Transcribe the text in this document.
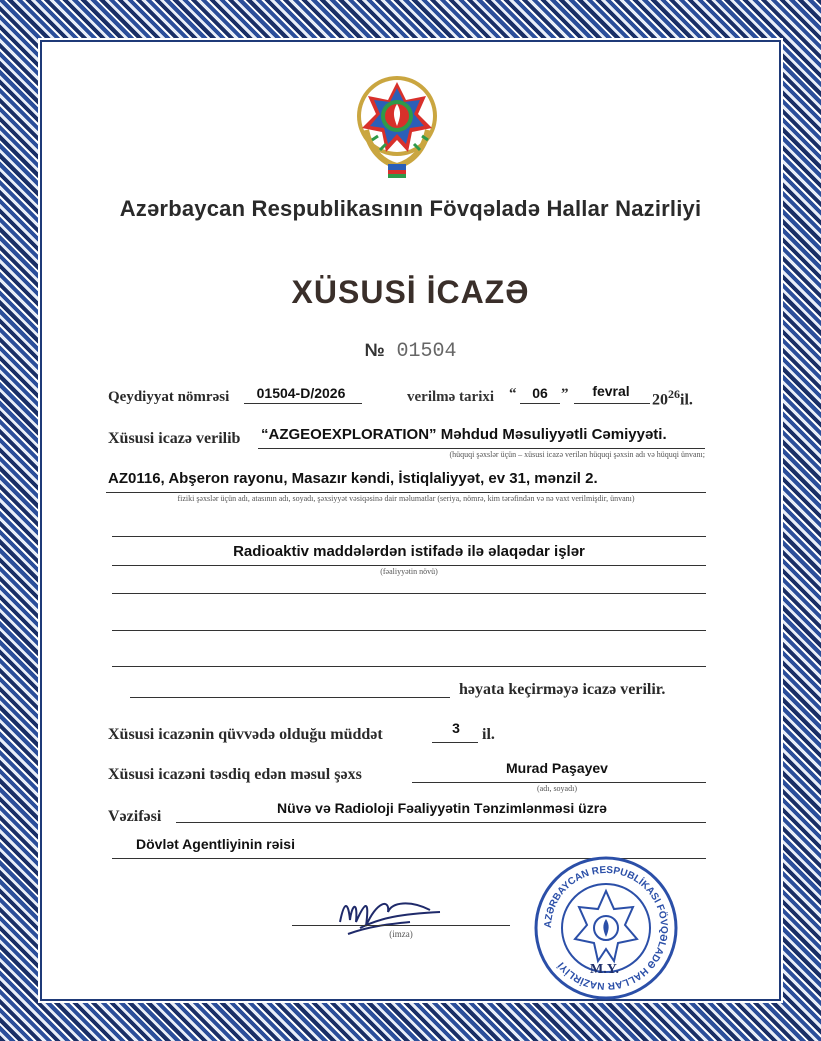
Azərbaycan Respublikasının Fövqəladə Hallar Nazirliyi
XÜSUSİ İCAZƏ
№ 01504
Qeydiyyat nömrəsi	01504-D/2026	verilmə tarixi “	06 ”	fevral
$20^{26}il$.
Xüsusi icazə verilib “AZGEOEXPLORATION” Məhdud Məsuliyyətli Cəmiyyəti.
(hüquqi şəxslər üçün – xüsusi icazə verilən hüquqi şəxsin adı və hüquqi ünvanı;
AZ0116, Abşeron rayonu, Masazır kəndi, İstiqlaliyyət, ev 31, mənzil 2.
fiziki şəxslər üçün adı, atasının adı, soyadı, şəxsiyyət vəsiqəsinə dair məlumatlar (seriya, nömrə, kim tərəfindən və nə vaxt verilmişdir, ünvanı)
Radioaktiv maddələrdən istifadə ilə əlaqədar işlər
(fəaliyyətin növü)
həyata keçirməyə icazə verilir.
Xüsusi icazənin qüvvədə olduğu müddət	3	il.
Xüsusi icazəni təsdiq edən məsul şəxs	Murad Paşayev
(adı, soyadı)
Vəzifəsi	Nüvə və Radioloji Fəaliyyətin Tənzimlənməsi üzrə
Dövlət Agentliyinin rəisi
(imza)
AZƏRBAYCAN RESPUBLİKASI FÖVQƏLADƏ HALLAR NAZİRLİYİ	M.Y.
